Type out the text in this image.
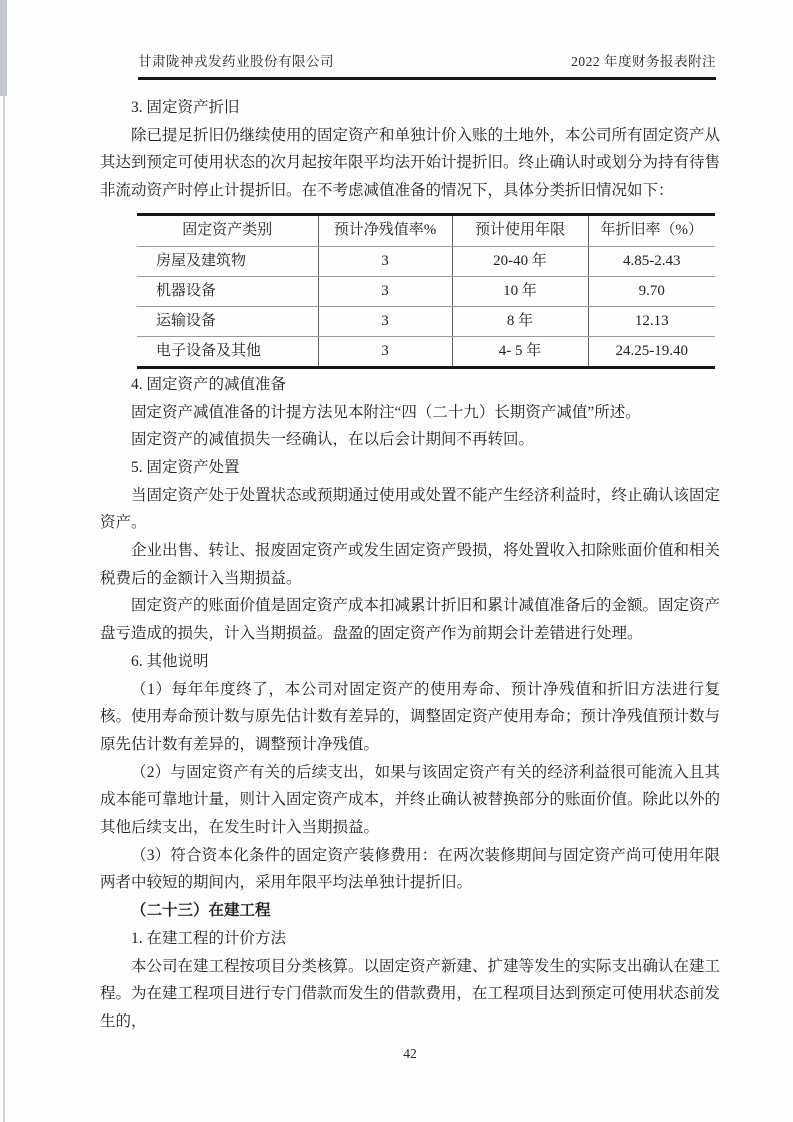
甘肃陇神戎发药业股份有限公司	2022 年度财务报表附注

3. 固定资产折旧

除已提足折旧仍继续使用的固定资产和单独计价入账的土地外，本公司所有固定资产从其达到预定可使用状态的次月起按年限平均法开始计提折旧。终止确认时或划分为持有待售非流动资产时停止计提折旧。在不考虑减值准备的情况下，具体分类折旧情况如下：

固定资产类别	预计净残值率%	预计使用年限	年折旧率（%）
房屋及建筑物	3	20-40 年	4.85-2.43
机器设备	3	10 年	9.70
运输设备	3	8 年	12.13
电子设备及其他	3	4- 5 年	24.25-19.40

4. 固定资产的减值准备

固定资产减值准备的计提方法见本附注“四（二十九）长期资产减值”所述。

固定资产的减值损失一经确认，在以后会计期间不再转回。

5. 固定资产处置

当固定资产处于处置状态或预期通过使用或处置不能产生经济利益时，终止确认该固定资产。

企业出售、转让、报废固定资产或发生固定资产毁损，将处置收入扣除账面价值和相关税费后的金额计入当期损益。

固定资产的账面价值是固定资产成本扣减累计折旧和累计减值准备后的金额。固定资产盘亏造成的损失，计入当期损益。盘盈的固定资产作为前期会计差错进行处理。

6. 其他说明

（1）每年年度终了，本公司对固定资产的使用寿命、预计净残值和折旧方法进行复核。使用寿命预计数与原先估计数有差异的，调整固定资产使用寿命；预计净残值预计数与原先估计数有差异的，调整预计净残值。

（2）与固定资产有关的后续支出，如果与该固定资产有关的经济利益很可能流入且其成本能可靠地计量，则计入固定资产成本，并终止确认被替换部分的账面价值。除此以外的其他后续支出，在发生时计入当期损益。

（3）符合资本化条件的固定资产装修费用：在两次装修期间与固定资产尚可使用年限两者中较短的期间内，采用年限平均法单独计提折旧。

（二十三）在建工程

1. 在建工程的计价方法

本公司在建工程按项目分类核算。以固定资产新建、扩建等发生的实际支出确认在建工程。为在建工程项目进行专门借款而发生的借款费用，在工程项目达到预定可使用状态前发生的，

42
